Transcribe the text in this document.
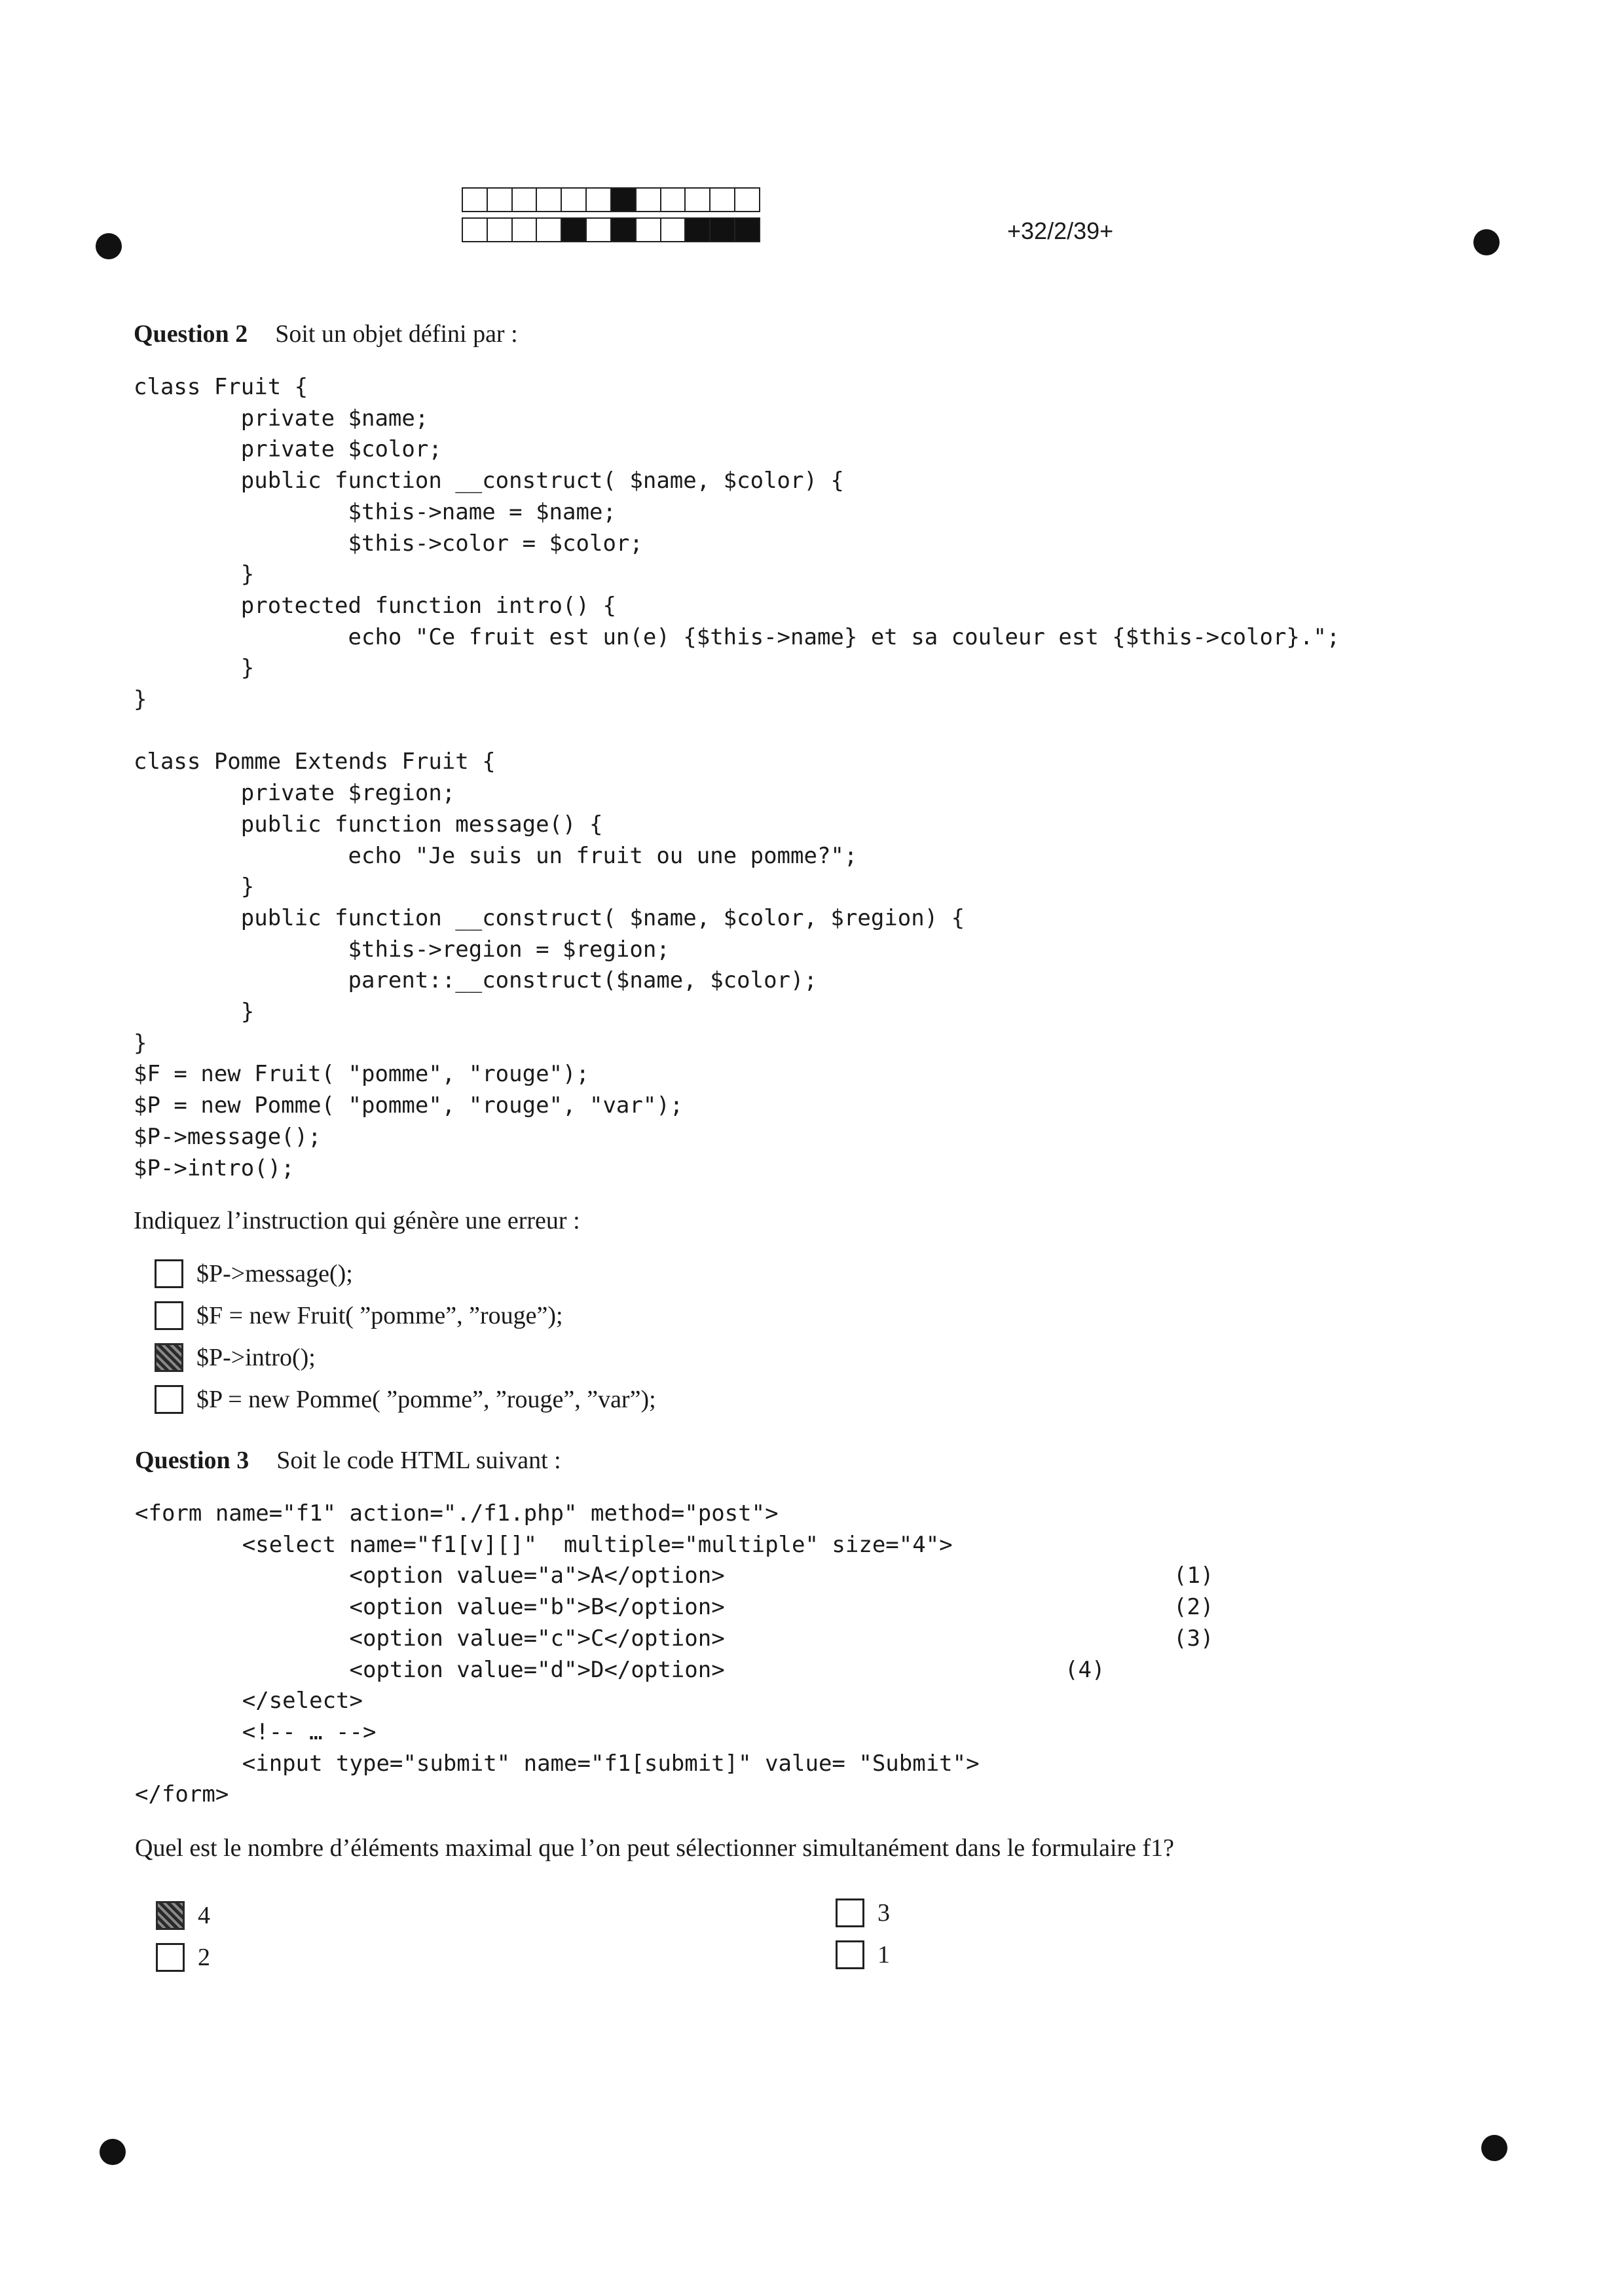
+32/2/39+
Question 2 Soit un objet défini par :
class Fruit {
private $name;
private $color;
public function __construct( $name, $color) {
$this->name = $name;
$this->color = $color;
}
protected function intro() {
echo "Ce fruit est un(e) {$this->name} et sa couleur est {$this->color}.";
}
}

class Pomme Extends Fruit {
private $region;
public function message() {
echo "Je suis un fruit ou une pomme?";
}
public function __construct( $name, $color, $region) {
$this->region = $region;
parent::__construct($name, $color);
}
}
$F = new Fruit( "pomme", "rouge");
$P = new Pomme( "pomme", "rouge", "var");
$P->message();
$P->intro();
Indiquez l’instruction qui génère une erreur :
$P->message();
$F = new Fruit( ”pomme”, ”rouge”);
$P->intro();
$P = new Pomme( ”pomme”, ”rouge”, ”var”);
Question 3 Soit le code HTML suivant :
<form name="f1" action="./f1.php" method="post">
<select name="f1[v][]"  multiple="multiple" size="4">
<option value="a">A</option>
<option value="b">B</option>
<option value="c">C</option>
<option value="d">D</option>
</select>
<!-- … -->
<input type="submit" name="f1[submit]" value= "Submit">
</form>
(1)
(2)
(3)
(4)
Quel est le nombre d’éléments maximal que l’on peut sélectionner simultanément dans le formulaire f1?
4	3
2	1
